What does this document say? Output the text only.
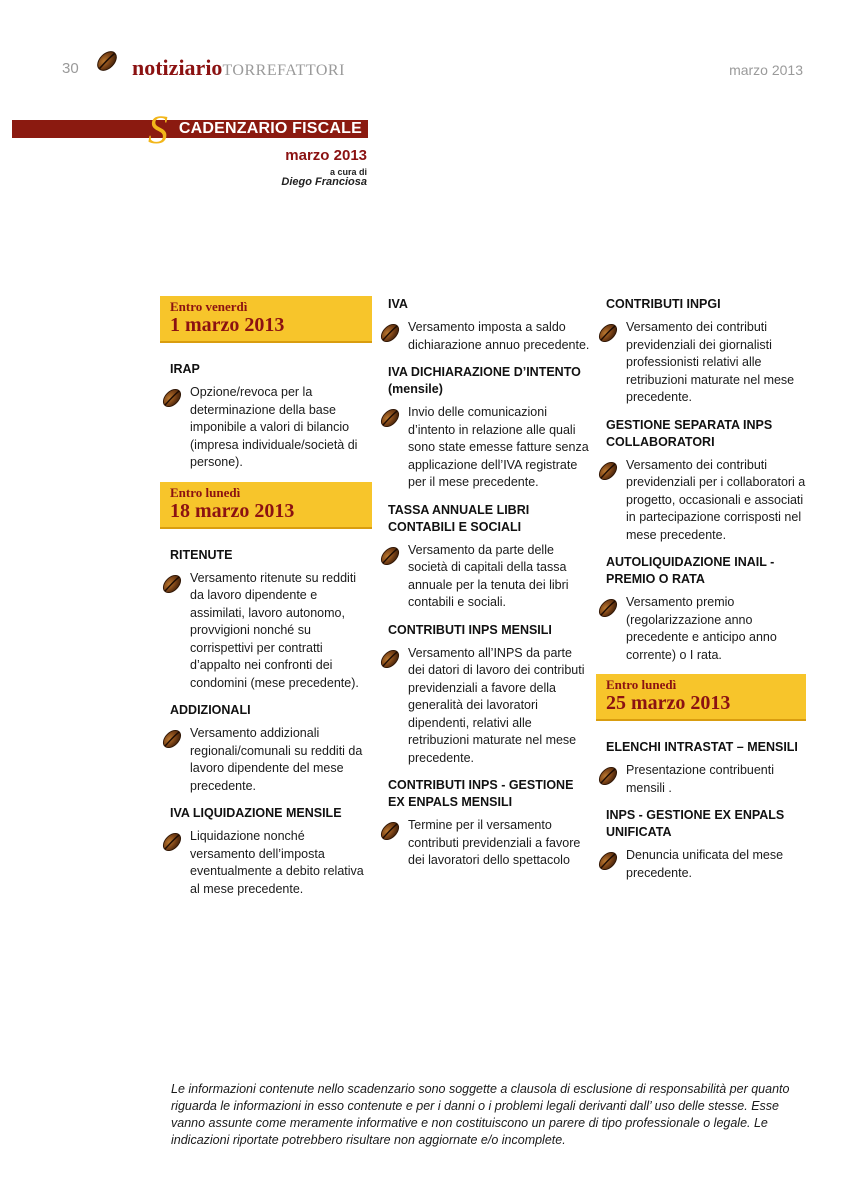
30 notiziarioTORREFATTORI	marzo 2013
CADENZARIO FISCALE
S
marzo 2013
a cura di
Diego Franciosa
Entro venerdì
1 marzo 2013
IRAP
Opzione/revoca per la determinazione della base imponibile a valori di bilancio (impresa individuale/società di persone).
Entro lunedì
18 marzo 2013
RITENUTE
Versamento ritenute su redditi da lavoro dipendente e assimilati, lavoro autonomo, provvigioni nonché su corrispettivi per contratti d’appalto nei confronti dei condomini (mese precedente).
ADDIZIONALI
Versamento addizionali regionali/comunali su redditi da lavoro dipendente del mese precedente.
IVA LIQUIDAZIONE MENSILE
Liquidazione nonché versamento dell’imposta eventualmente a debito relativa al mese precedente.
IVA
Versamento imposta a saldo dichiarazione annuo precedente.
IVA DICHIARAZIONE D’INTENTO (mensile)
Invio delle comunicazioni d’intento in relazione alle quali sono state emesse fatture senza applicazione dell’IVA registrate per il mese precedente.
TASSA ANNUALE LIBRI CONTABILI E SOCIALI
Versamento da parte delle società di capitali della tassa annuale per la tenuta dei libri contabili e sociali.
CONTRIBUTI INPS MENSILI
Versamento all’INPS da parte dei datori di lavoro dei contributi previdenziali a favore della generalità dei lavoratori dipendenti, relativi alle retribuzioni maturate nel mese precedente.
CONTRIBUTI INPS - GESTIONE EX ENPALS MENSILI
Termine per il versamento contributi previdenziali a favore dei lavoratori dello spettacolo
CONTRIBUTI INPGI
Versamento dei contributi previdenziali dei giornalisti professionisti relativi alle retribuzioni maturate nel mese precedente.
GESTIONE SEPARATA INPS COLLABORATORI
Versamento dei contributi previdenziali per i collaboratori a progetto, occasionali e associati in partecipazione corrisposti nel mese precedente.
AUTOLIQUIDAZIONE INAIL - PREMIO O RATA
Versamento premio (regolarizzazione anno precedente e anticipo anno corrente) o I rata.
Entro lunedì
25 marzo 2013
ELENCHI INTRASTAT – MENSILI
Presentazione contribuenti mensili .
INPS - GESTIONE EX ENPALS UNIFICATA
Denuncia unificata del mese precedente.
Le informazioni contenute nello scadenzario sono soggette a clausola di esclusione di responsabilità per quanto riguarda le informazioni in esso contenute e per i danni o i problemi legali derivanti dall’ uso delle stesse. Esse vanno assunte come meramente informative e non costituiscono un parere di tipo professionale o legale. Le indicazioni riportate potrebbero risultare non aggiornate e/o incomplete.
